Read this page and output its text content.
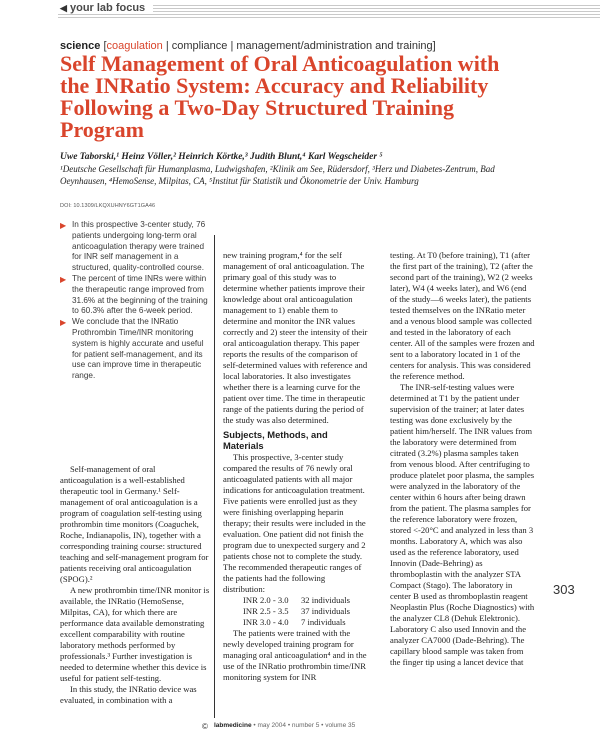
◀ your lab focus
science [coagulation | compliance | management/administration and training]
Self Management of Oral Anticoagulation with the INRatio System: Accuracy and Reliability Following a Two-Day Structured Training Program
Uwe Taborski,¹ Heinz Völler,² Heinrich Körtke,³ Judith Blunt,⁴ Karl Wegscheider ⁵
¹Deutsche Gesellschaft für Humanplasma, Ludwigshafen, ²Klinik am See, Rüdersdorf, ³Herz und Diabetes-Zentrum, Bad Oeynhausen, ⁴HemoSense, Milpitas, CA, ⁵Institut für Statistik und Ökonometrie der Univ. Hamburg
DOI: 10.1309/LKQXUHNY6GT1GA46
▶ In this prospective 3-center study, 76 patients undergoing long-term oral anticoagulation therapy were trained for INR self management in a structured, quality-controlled course.
▶ The percent of time INRs were within the therapeutic range improved from 31.6% at the beginning of the training to 60.3% after the 6-week period.
▶ We conclude that the INRatio Prothrombin Time/INR monitoring system is highly accurate and useful for patient self-management, and its use can improve time in therapeutic range.

Self-management of oral anticoagulation is a well-established therapeutic tool in Germany.¹ Self-management of oral anticoagulation is a program of coagulation self-testing using prothrombin time monitors (Coaguchek, Roche, Indianapolis, IN), together with a corresponding training course: structured teaching and self-management program for patients receiving oral anticoagulation (SPOG).²

A new prothrombin time/INR monitor is available, the INRatio (HemoSense, Milpitas, CA), for which there are performance data available demonstrating excellent comparability with routine laboratory methods performed by professionals.³ Further investigation is needed to determine whether this device is useful for patient self-testing.

In this study, the INRatio device was evaluated, in combination with a

new training program,⁴ for the self management of oral anticoagulation. The primary goal of this study was to determine whether patients improve their knowledge about oral anticoagulation management to 1) enable them to determine and monitor the INR values correctly and 2) steer the intensity of their oral anticoagulation therapy. This paper reports the results of the comparison of self-determined values with reference and local laboratories. It also investigates whether there is a learning curve for the patient over time. The time in therapeutic range of the patients during the period of the study was also determined.

Subjects, Methods, and Materials

This prospective, 3-center study compared the results of 76 newly oral anticoagulated patients with all major indications for anticoagulation treatment. Five patients were enrolled just as they were finishing overlapping heparin therapy; their results were included in the evaluation. One patient did not finish the program due to unexpected surgery and 2 patients chose not to complete the study. The recommended therapeutic ranges of the patients had the following distribution:

INR 2.0 - 3.0	32 individuals
INR 2.5 - 3.5	37 individuals
INR 3.0 - 4.0	7 individuals

The patients were trained with the newly developed training program for managing oral anticoagulation⁴ and in the use of the INRatio prothrombin time/INR monitoring system for INR

testing. At T0 (before training), T1 (after the first part of the training), T2 (after the second part of the training), W2 (2 weeks later), W4 (4 weeks later), and W6 (end of the study—6 weeks later), the patients tested themselves on the INRatio meter and a venous blood sample was collected and tested in the laboratory of each center. All of the samples were frozen and sent to a laboratory located in 1 of the centers for analysis. This was considered the reference method.

The INR-self-testing values were determined at T1 by the patient under supervision of the trainer; at later dates testing was done exclusively by the patient him/herself. The INR values from the laboratory were determined from citrated (3.2%) plasma samples taken from venous blood. After centrifuging to produce platelet poor plasma, the samples were analyzed in the laboratory of the center within 6 hours after being drawn from the patient. The plasma samples for the reference laboratory were frozen, stored <-20°C and analyzed in less than 3 months. Laboratory A, which was also used as the reference laboratory, used Innovin (Dade-Behring) as thromboplastin with the analyzer STA Compact (Stago). The laboratory in center B used as thromboplastin reagent Neoplastin Plus (Roche Diagnostics) with the analyzer CL8 (Dehuk Elektronic). Laboratory C also used Innovin and the analyzer CA7000 (Dade-Behring). The capillary blood sample was taken from the finger tip using a lancet device that

303
© labmedicine • may 2004 • number 5 • volume 35
